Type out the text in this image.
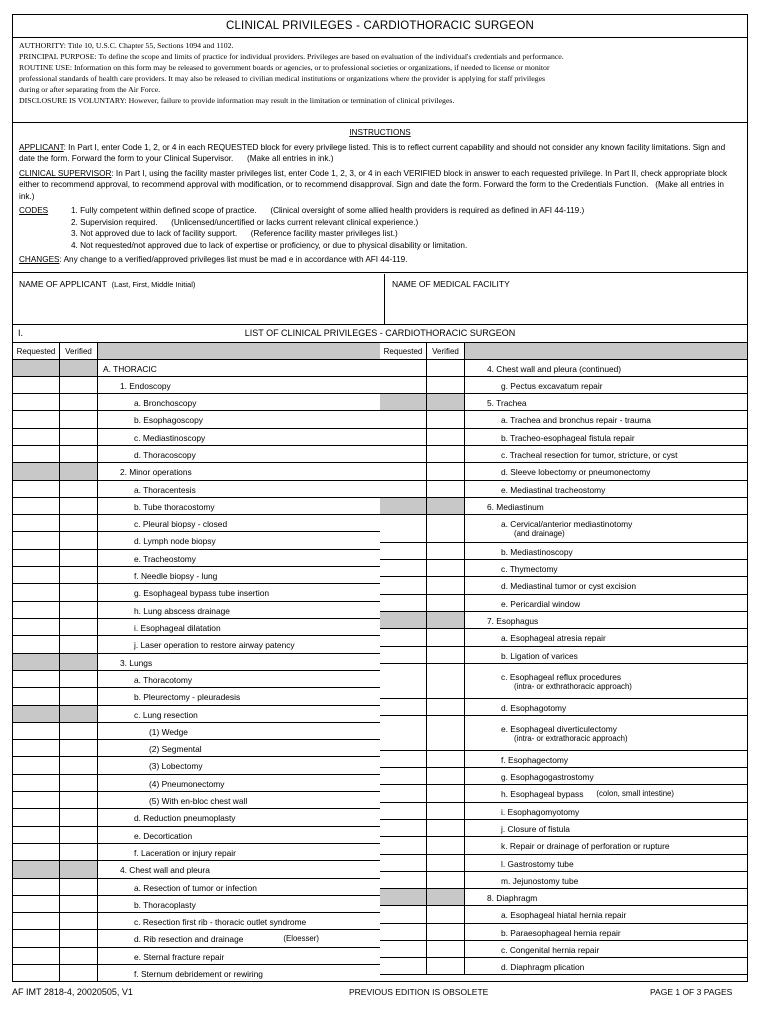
CLINICAL PRIVILEGES - CARDIOTHORACIC SURGEON

AUTHORITY: Title 10, U.S.C. Chapter 55, Sections 1094 and 1102.

PRINCIPAL PURPOSE: To define the scope and limits of practice for individual providers. Privileges are based on evaluation of the individual's credentials and performance.

ROUTINE USE: Information on this form may be released to government boards or agencies, or to professional societies or organizations, if needed to license or monitor

professional standards of health care providers. It may also be released to civilian medical institutions or organizations where the provider is applying for staff privileges

during or after separating from the Air Force.

DISCLOSURE IS VOLUNTARY: However, failure to provide information may result in the limitation or termination of clinical privileges.

INSTRUCTIONS

APPLICANT: In Part I, enter Code 1, 2, or 4 in each REQUESTED block for every privilege listed. This is to reflect current capability and should not consider any known facility limitations. Sign and date the form. Forward the form to your Clinical Supervisor. (Make all entries in ink.)

CLINICAL SUPERVISOR: In Part I, using the facility master privileges list, enter Code 1, 2, 3, or 4 in each VERIFIED block in answer to each requested privilege. In Part II, check appropriate block either to recommend approval, to recommend approval with modification, or to recommend disapproval. Sign and date the form. Forward the form to the Credentials Function. (Make all entries in ink.)

CODES	1. Fully competent within defined scope of practice. (Clinical oversight of some allied health providers is required as defined in AFI 44-119.)
2. Supervision required. (Unlicensed/uncertified or lacks current relevant clinical experience.)
3. Not approved due to lack of facility support. (Reference facility master privileges list.)
4. Not requested/not approved due to lack of expertise or proficiency, or due to physical disability or limitation.

CHANGES: Any change to a verified/approved privileges list must be mad e in accordance with AFI 44-119.

NAME OF APPLICANT (Last, First, Middle Initial)	NAME OF MEDICAL FACILITY
I.	LIST OF CLINICAL PRIVILEGES - CARDIOTHORACIC SURGEON
Requested	Verified
A. THORACIC
1. Endoscopy
a. Bronchoscopy
b. Esophagoscopy
c. Mediastinoscopy
d. Thoracoscopy
2. Minor operations
a. Thoracentesis
b. Tube thoracostomy
c. Pleural biopsy - closed
d. Lymph node biopsy
e. Tracheostomy
f. Needle biopsy - lung
g. Esophageal bypass tube insertion
h. Lung abscess drainage
i. Esophageal dilatation
j. Laser operation to restore airway patency
3. Lungs
a. Thoracotomy
b. Pleurectomy - pleuradesis
c. Lung resection
(1) Wedge
(2) Segmental
(3) Lobectomy
(4) Pneumonectomy
(5) With en-bloc chest wall
d. Reduction pneumoplasty
e. Decortication
f. Laceration or injury repair
4. Chest wall and pleura
a. Resection of tumor or infection
b. Thoracoplasty
c. Resection first rib - thoracic outlet syndrome
d. Rib resection and drainage	(Eloesser)
e. Sternal fracture repair
f. Sternum debridement or rewiring
Requested	Verified
4. Chest wall and pleura (continued)
g. Pectus excavatum repair
5. Trachea
a. Trachea and bronchus repair - trauma
b. Tracheo-esophageal fistula repair
c. Tracheal resection for tumor, stricture, or cyst
d. Sleeve lobectomy or pneumonectomy
e. Mediastinal tracheostomy
6. Mediastinum
a. Cervical/anterior mediastinotomy
(and drainage)
b. Mediastinoscopy
c. Thymectomy
d. Mediastinal tumor or cyst excision
e. Pericardial window
7. Esophagus
a. Esophageal atresia repair
b. Ligation of varices
c. Esophageal reflux procedures
(intra- or exthrathoracic approach)
d. Esophagotomy
e. Esophageal diverticulectomy
(intra- or extrathoracic approach)
f. Esophagectomy
g. Esophagogastrostomy
h. Esophageal bypass (colon, small intestine)
i. Esophagomyotomy
j. Closure of fistula
k. Repair or drainage of perforation or rupture
l. Gastrostomy tube
m. Jejunostomy tube
8. Diaphragm
a. Esophageal hiatal hernia repair
b. Paraesophageal hernia repair
c. Congenital hernia repair
d. Diaphragm plication
AF IMT 2818-4, 20020505, V1	PREVIOUS EDITION IS OBSOLETE	PAGE 1 OF 3 PAGES
